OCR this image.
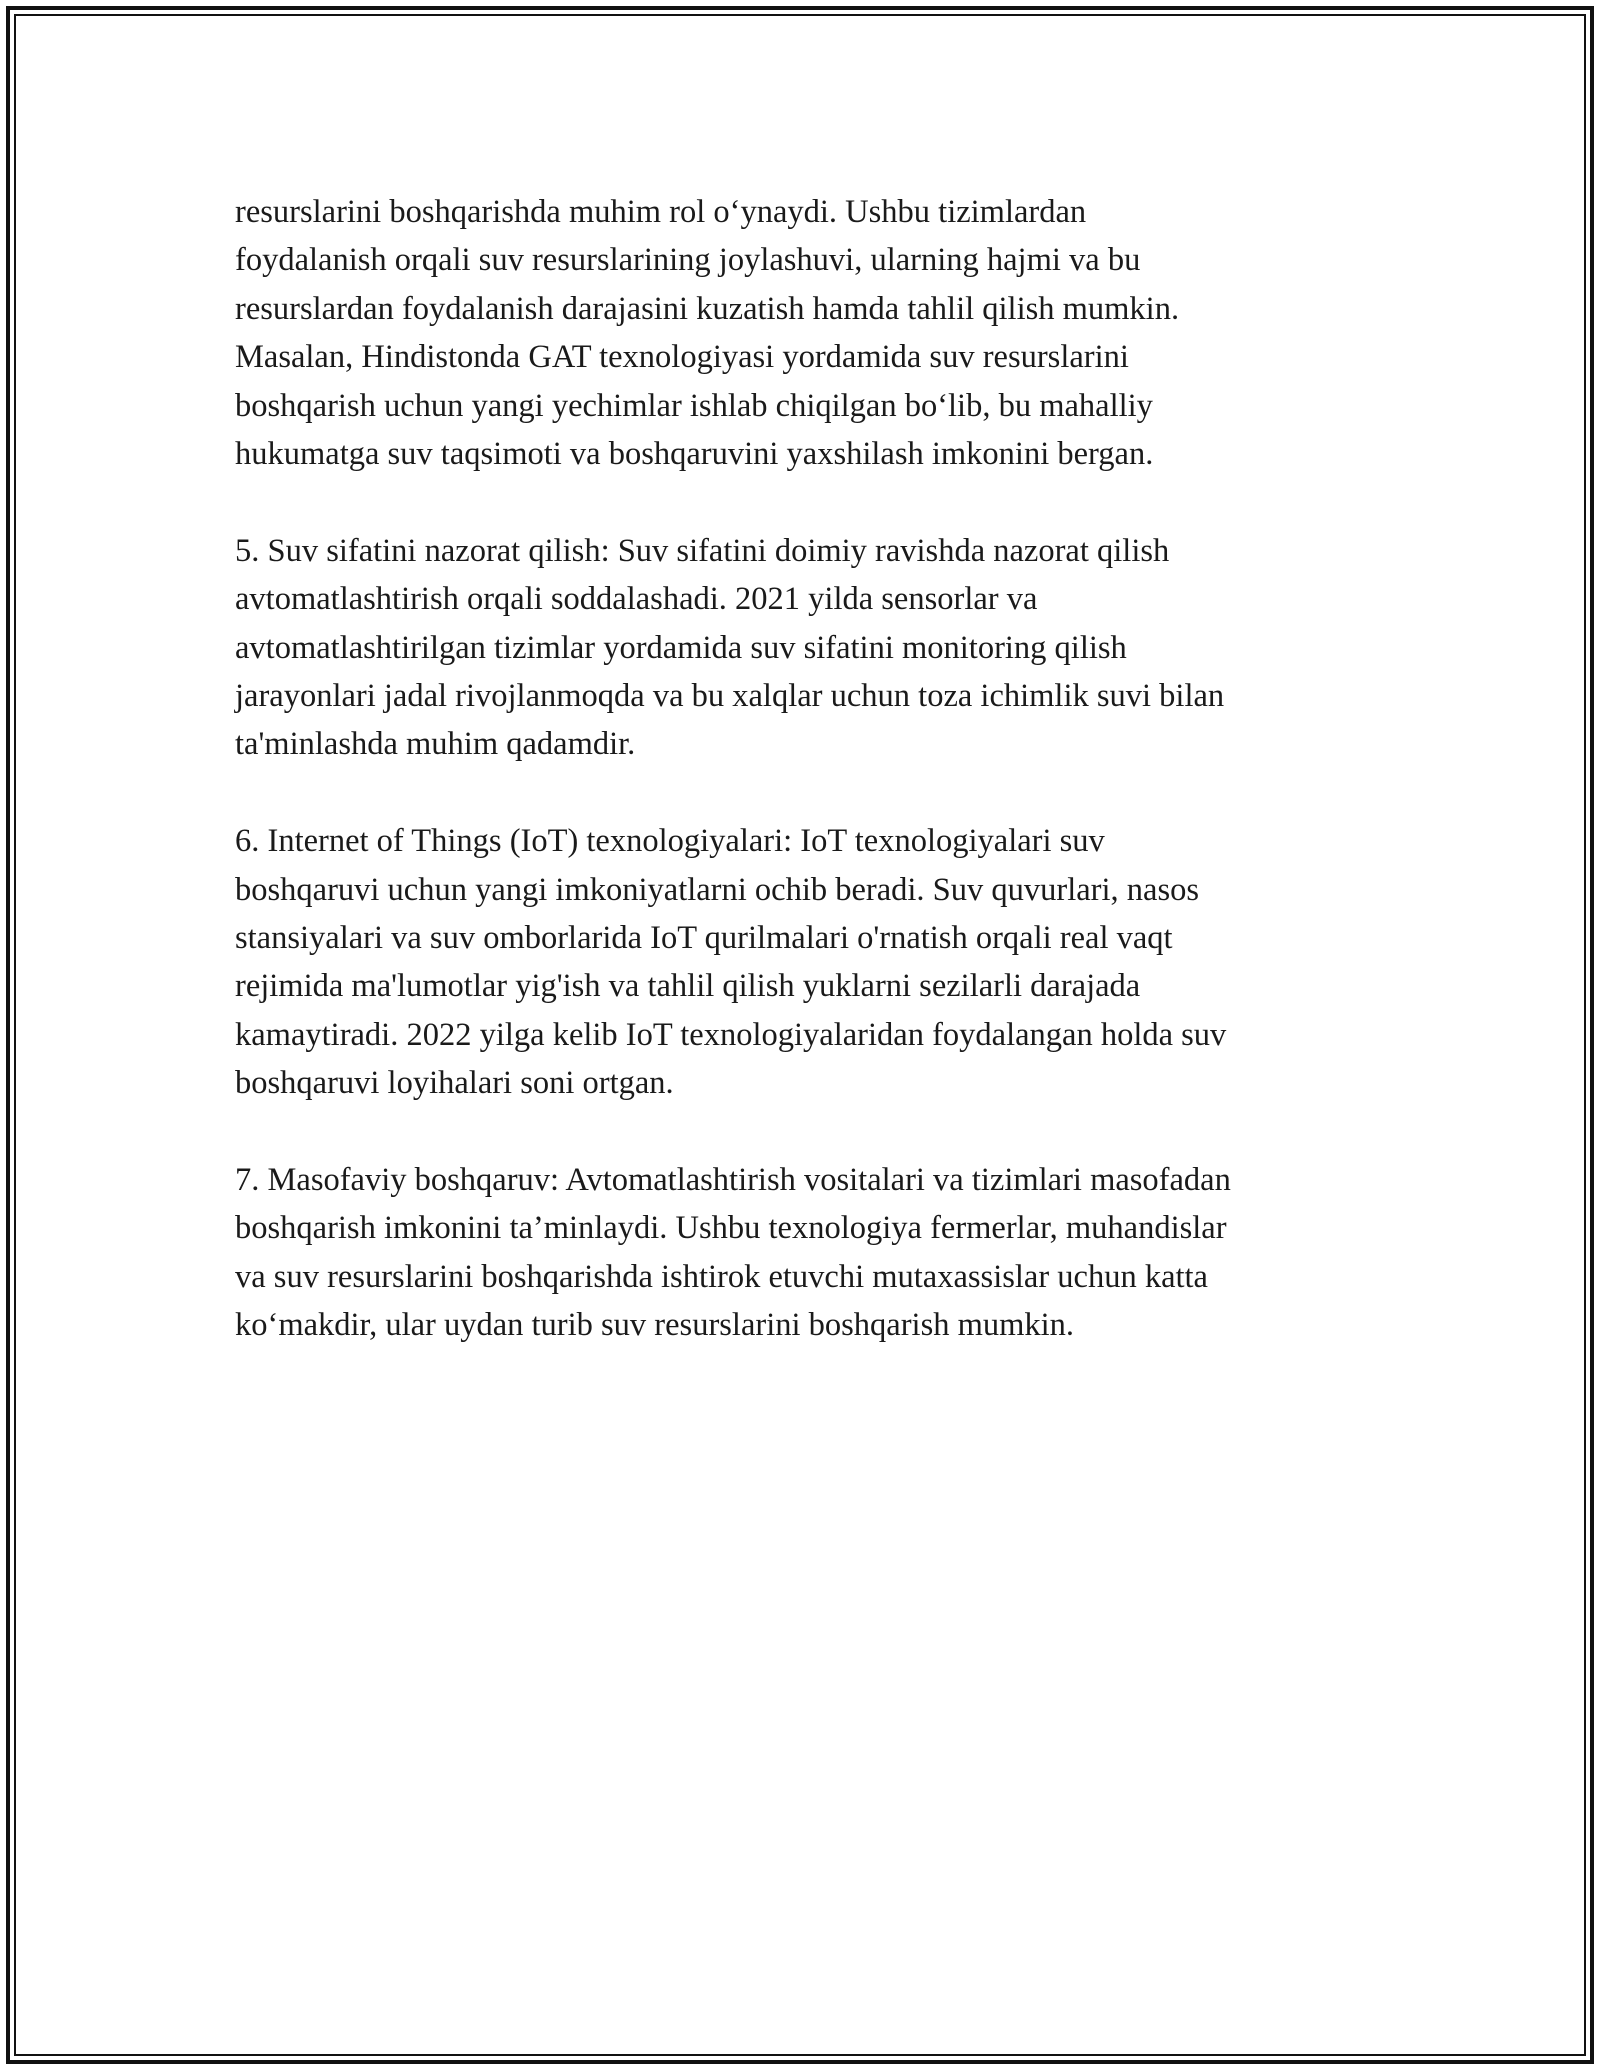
resurslarini boshqarishda muhim rol o‘ynaydi. Ushbu tizimlardan
foydalanish orqali suv resurslarining joylashuvi, ularning hajmi va bu
resurslardan foydalanish darajasini kuzatish hamda tahlil qilish mumkin.
Masalan, Hindistonda GAT texnologiyasi yordamida suv resurslarini
boshqarish uchun yangi yechimlar ishlab chiqilgan bo‘lib, bu mahalliy
hukumatga suv taqsimoti va boshqaruvini yaxshilash imkonini bergan.

5. Suv sifatini nazorat qilish: Suv sifatini doimiy ravishda nazorat qilish
avtomatlashtirish orqali soddalashadi. 2021 yilda sensorlar va
avtomatlashtirilgan tizimlar yordamida suv sifatini monitoring qilish
jarayonlari jadal rivojlanmoqda va bu xalqlar uchun toza ichimlik suvi bilan
ta'minlashda muhim qadamdir.

6. Internet of Things (IoT) texnologiyalari: IoT texnologiyalari suv
boshqaruvi uchun yangi imkoniyatlarni ochib beradi. Suv quvurlari, nasos
stansiyalari va suv omborlarida IoT qurilmalari o'rnatish orqali real vaqt
rejimida ma'lumotlar yig'ish va tahlil qilish yuklarni sezilarli darajada
kamaytiradi. 2022 yilga kelib IoT texnologiyalaridan foydalangan holda suv
boshqaruvi loyihalari soni ortgan.

7. Masofaviy boshqaruv: Avtomatlashtirish vositalari va tizimlari masofadan
boshqarish imkonini ta’minlaydi. Ushbu texnologiya fermerlar, muhandislar
va suv resurslarini boshqarishda ishtirok etuvchi mutaxassislar uchun katta
ko‘makdir, ular uydan turib suv resurslarini boshqarish mumkin.
